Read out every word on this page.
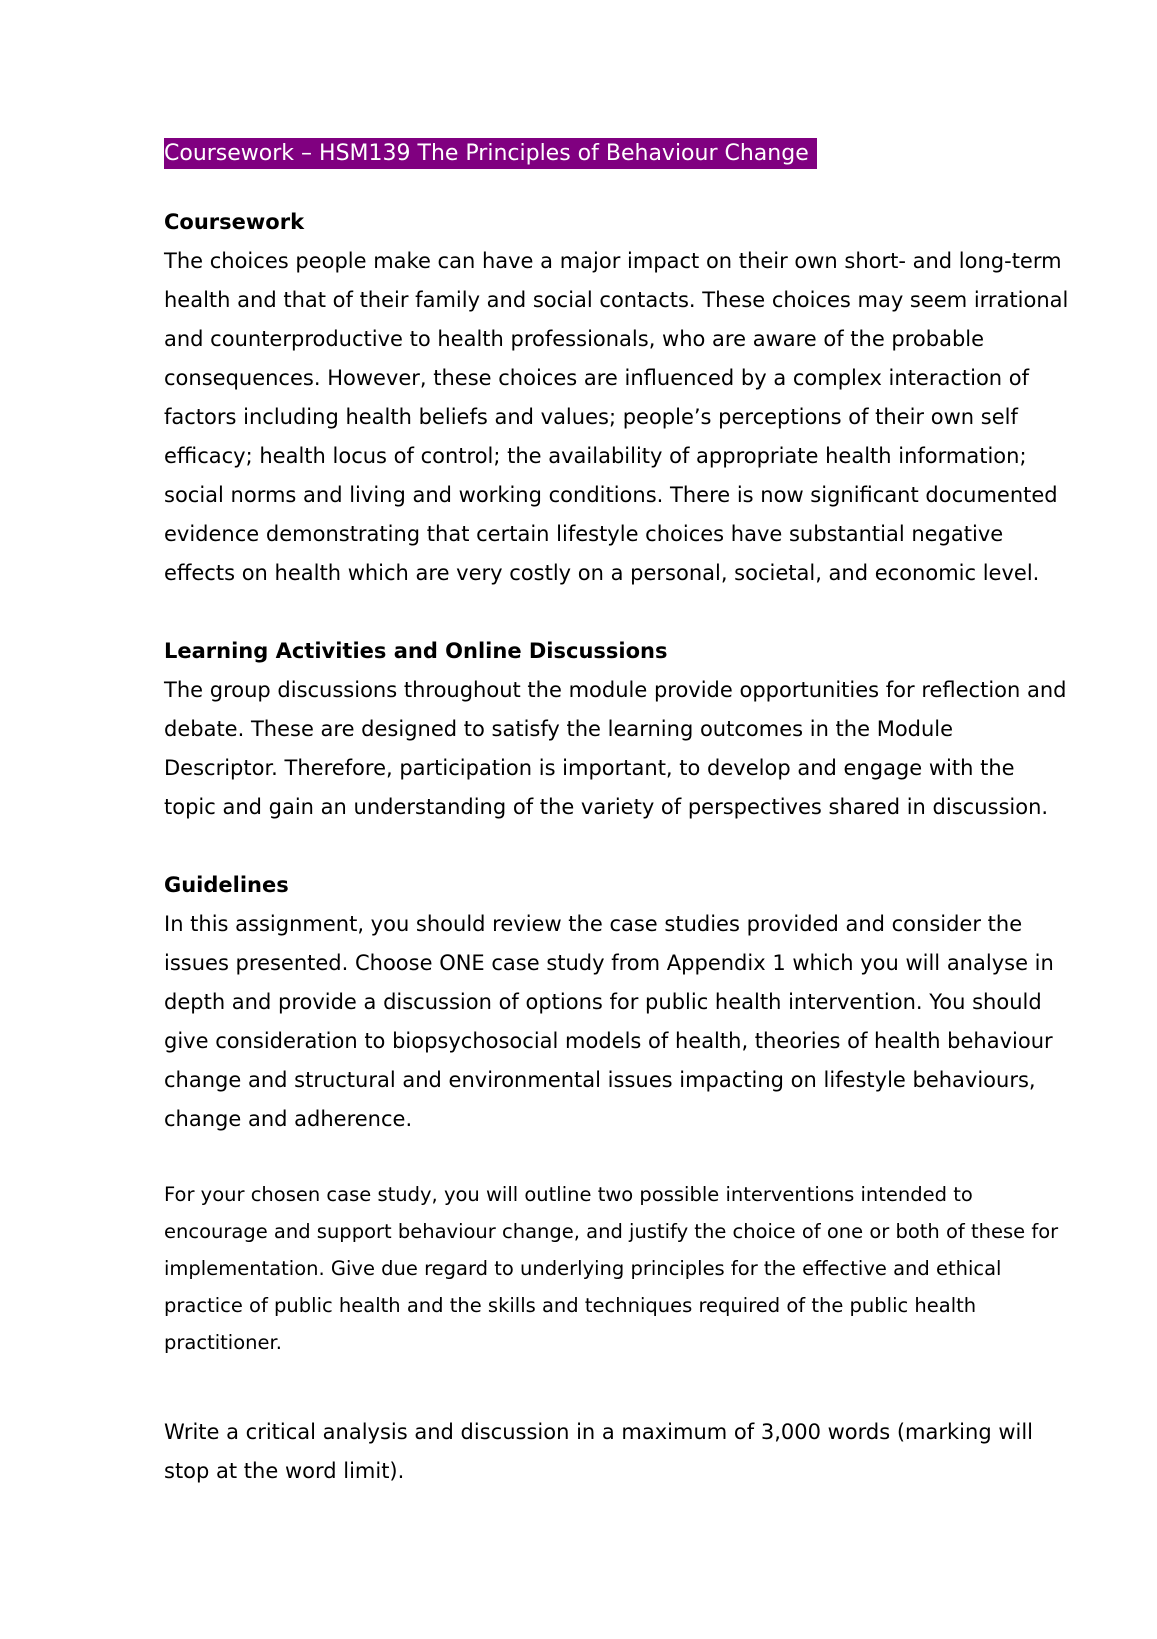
Coursework – HSM139 The Principles of Behaviour Change
Coursework

The choices people make can have a major impact on their own short- and long-term health and that of their family and social contacts. These choices may seem irrational and counterproductive to health professionals, who are aware of the probable consequences. However, these choices are influenced by a complex interaction of factors including health beliefs and values; people’s perceptions of their own self efficacy; health locus of control; the availability of appropriate health information; social norms and living and working conditions. There is now significant documented evidence demonstrating that certain lifestyle choices have substantial negative effects on health which are very costly on a personal, societal, and economic level.

Learning Activities and Online Discussions

The group discussions throughout the module provide opportunities for reflection and debate. These are designed to satisfy the learning outcomes in the Module Descriptor. Therefore, participation is important, to develop and engage with the topic and gain an understanding of the variety of perspectives shared in discussion.

Guidelines

In this assignment, you should review the case studies provided and consider the issues presented. Choose ONE case study from Appendix 1 which you will analyse in depth and provide a discussion of options for public health intervention. You should give consideration to biopsychosocial models of health, theories of health behaviour change and structural and environmental issues impacting on lifestyle behaviours, change and adherence.

For your chosen case study, you will outline two possible interventions intended to encourage and support behaviour change, and justify the choice of one or both of these for implementation. Give due regard to underlying principles for the effective and ethical practice of public health and the skills and techniques required of the public health practitioner.

Write a critical analysis and discussion in a maximum of 3,000 words (marking will stop at the word limit).
